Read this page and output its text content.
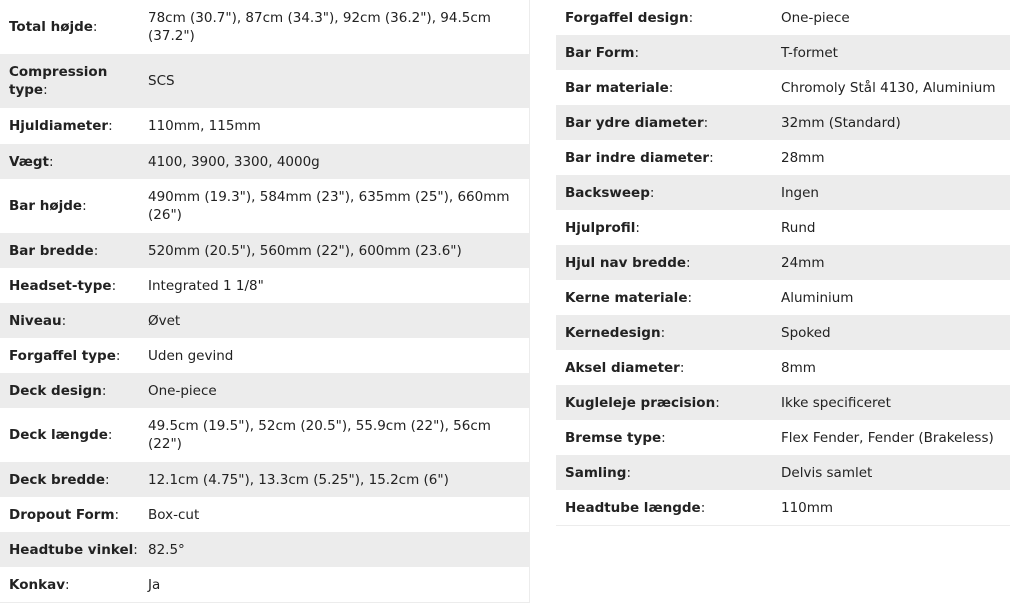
Total højde:
78cm (30.7"), 87cm (34.3"), 92cm (36.2"), 94.5cm (37.2")
Compression type:
SCS
Hjuldiameter:	110mm, 115mm
Vægt:	4100, 3900, 3300, 4000g
Bar højde:
490mm (19.3"), 584mm (23"), 635mm (25"), 660mm (26")
Bar bredde:	520mm (20.5"), 560mm (22"), 600mm (23.6")
Headset-type:	Integrated 1 1/8"
Niveau:	Øvet
Forgaffel type:	Uden gevind
Deck design:	One-piece
Deck længde:
49.5cm (19.5"), 52cm (20.5"), 55.9cm (22"), 56cm (22")
Deck bredde:	12.1cm (4.75"), 13.3cm (5.25"), 15.2cm (6")
Dropout Form:	Box-cut
Headtube vinkel: 82.5°
Konkav:	Ja
Forgaffel design:	One-piece
Bar Form:	T-formet
Bar materiale:	Chromoly Stål 4130, Aluminium
Bar ydre diameter:	32mm (Standard)
Bar indre diameter:	28mm
Backsweep:	Ingen
Hjulprofil:	Rund
Hjul nav bredde:	24mm
Kerne materiale:	Aluminium
Kernedesign:	Spoked
Aksel diameter:	8mm
Kugleleje præcision:	Ikke specificeret
Bremse type:	Flex Fender, Fender (Brakeless)
Samling:	Delvis samlet
Headtube længde:	110mm
